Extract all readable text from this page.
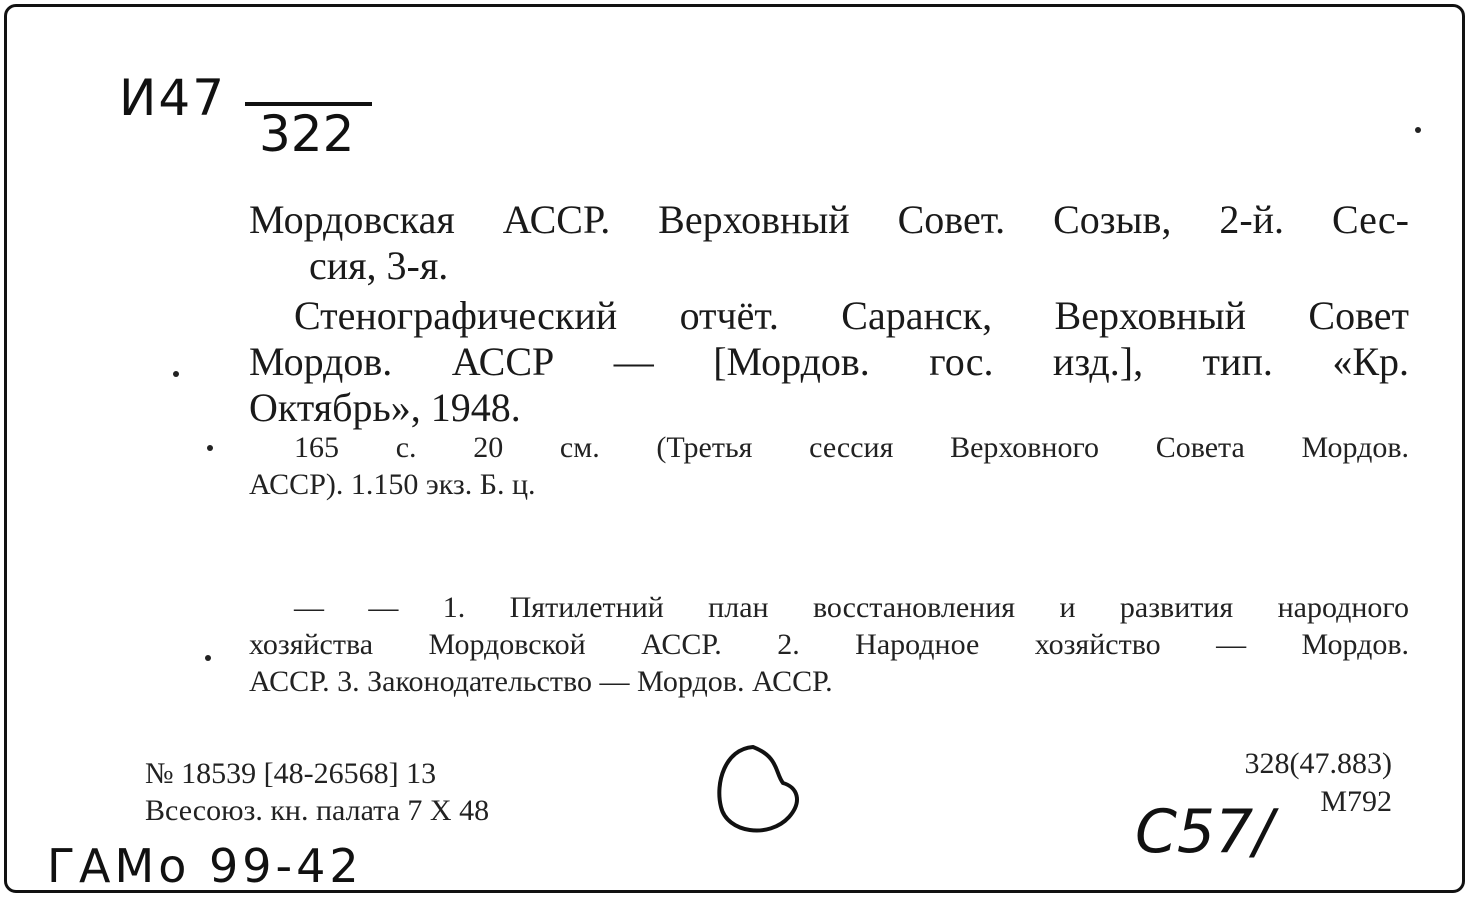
И47
322
Мордовская АССР. Верховный Совет. Созыв, 2-й. Сес-
сия, 3-я.
Стенографический отчёт. Саранск, Верховный Совет
Мордов. АССР — [Мордов. гос. изд.], тип. «Кр.
Октябрь», 1948.
165 с. 20 см. (Третья сессия Верховного Совета Мордов.
АССР). 1.150 экз. Б. ц.
— — 1. Пятилетний план восстановления и развития народного
хозяйства Мордовской АССР. 2. Народное хозяйство — Мордов.
АССР. 3. Законодательство — Мордов. АССР.
№ 18539 [48-26568] 13
Всесоюз. кн. палата 7 X 48
328(47.883)
М792
С57/
ГАМо 99-42
